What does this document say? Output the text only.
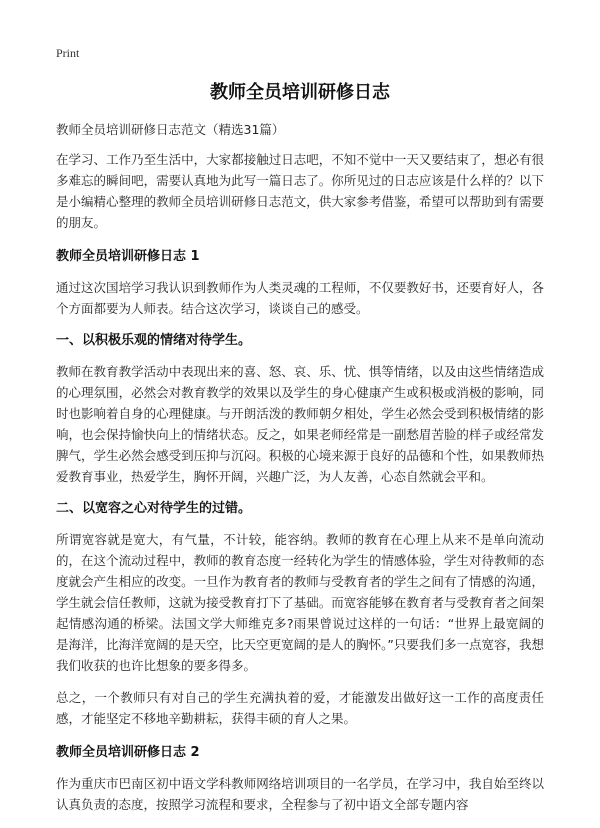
Print
教师全员培训研修日志
教师全员培训研修日志范文（精选31篇）

在学习、工作乃至生活中，大家都接触过日志吧，不知不觉中一天又要结束了，想必有很多难忘的瞬间吧，需要认真地为此写一篇日志了。你所见过的日志应该是什么样的？以下是小编精心整理的教师全员培训研修日志范文，供大家参考借鉴，希望可以帮助到有需要的朋友。

教师全员培训研修日志 1

通过这次国培学习我认识到教师作为人类灵魂的工程师，不仅要教好书，还要育好人，各个方面都要为人师表。结合这次学习，谈谈自己的感受。

一、以积极乐观的情绪对待学生。

教师在教育教学活动中表现出来的喜、怒、哀、乐、忧、惧等情绪，以及由这些情绪造成的心理氛围，必然会对教育教学的效果以及学生的身心健康产生或积极或消极的影响，同时也影响着自身的心理健康。与开朗活泼的教师朝夕相处，学生必然会受到积极情绪的影响，也会保持愉快向上的情绪状态。反之，如果老师经常是一副愁眉苦脸的样子或经常发脾气，学生必然会感受到压抑与沉闷。积极的心境来源于良好的品德和个性，如果教师热爱教育事业，热爱学生，胸怀开阔，兴趣广泛，为人友善，心态自然就会平和。

二、以宽容之心对待学生的过错。

所谓宽容就是宽大，有气量，不计较，能容纳。教师的教育在心理上从来不是单向流动的，在这个流动过程中，教师的教育态度一经转化为学生的情感体验，学生对待教师的态度就会产生相应的改变。一旦作为教育者的教师与受教育者的学生之间有了情感的沟通，学生就会信任教师，这就为接受教育打下了基础。而宽容能够在教育者与受教育者之间架起情感沟通的桥梁。法国文学大师维克多?雨果曾说过这样的一句话：“世界上最宽阔的是海洋，比海洋宽阔的是天空，比天空更宽阔的是人的胸怀。”只要我们多一点宽容，我想我们收获的也许比想象的要多得多。

总之，一个教师只有对自己的学生充满执着的爱，才能激发出做好这一工作的高度责任感，才能坚定不移地辛勤耕耘，获得丰硕的育人之果。

教师全员培训研修日志 2

作为重庆市巴南区初中语文学科教师网络培训项目的一名学员，在学习中，我自始至终以认真负责的态度，按照学习流程和要求，全程参与了初中语文全部专题内容
